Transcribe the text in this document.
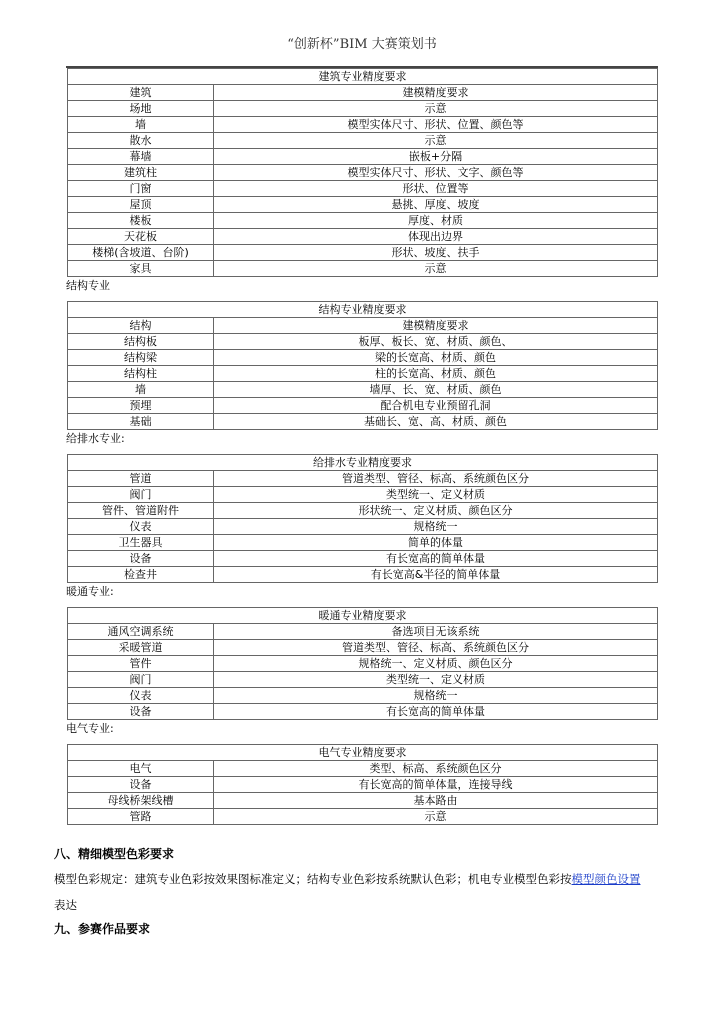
“创新杯”BIM 大赛策划书
建筑专业精度要求	
建筑	建模精度要求
场地	示意
墙	模型实体尺寸、形状、位置、颜色等
散水	示意
幕墙	嵌板+分隔
建筑柱	模型实体尺寸、形状、文字、颜色等
门窗	形状、位置等
屋顶	悬挑、厚度、坡度
楼板	厚度、材质
天花板	体现出边界
楼梯(含坡道、台阶)	形状、坡度、扶手
家具	示意
结构专业
结构专业精度要求	
结构	建模精度要求
结构板	板厚、板长、宽、材质、颜色、
结构梁	梁的长宽高、材质、颜色
结构柱	柱的长宽高、材质、颜色
墙	墙厚、长、宽、材质、颜色
预埋	配合机电专业预留孔洞
基础	基础长、宽、高、材质、颜色
给排水专业:
给排水专业精度要求	
管道	管道类型、管径、标高、系统颜色区分
阀门	类型统一、定义材质
管件、管道附件	形状统一、定义材质、颜色区分
仪表	规格统一
卫生器具	简单的体量
设备	有长宽高的简单体量
检查井	有长宽高&半径的简单体量
暖通专业:
暖通专业精度要求	
通风空调系统	备选项目无该系统
采暖管道	管道类型、管径、标高、系统颜色区分
管件	规格统一、定义材质、颜色区分
阀门	类型统一、定义材质
仪表	规格统一
设备	有长宽高的简单体量
电气专业:
电气专业精度要求	
电气	类型、标高、系统颜色区分
设备	有长宽高的简单体量，连接导线
母线桥架线槽	基本路由
管路	示意
八、精细模型色彩要求
模型色彩规定：建筑专业色彩按效果图标准定义；结构专业色彩按系统默认色彩；机电专业模型色彩按模型颜色设置表达
九、参赛作品要求
